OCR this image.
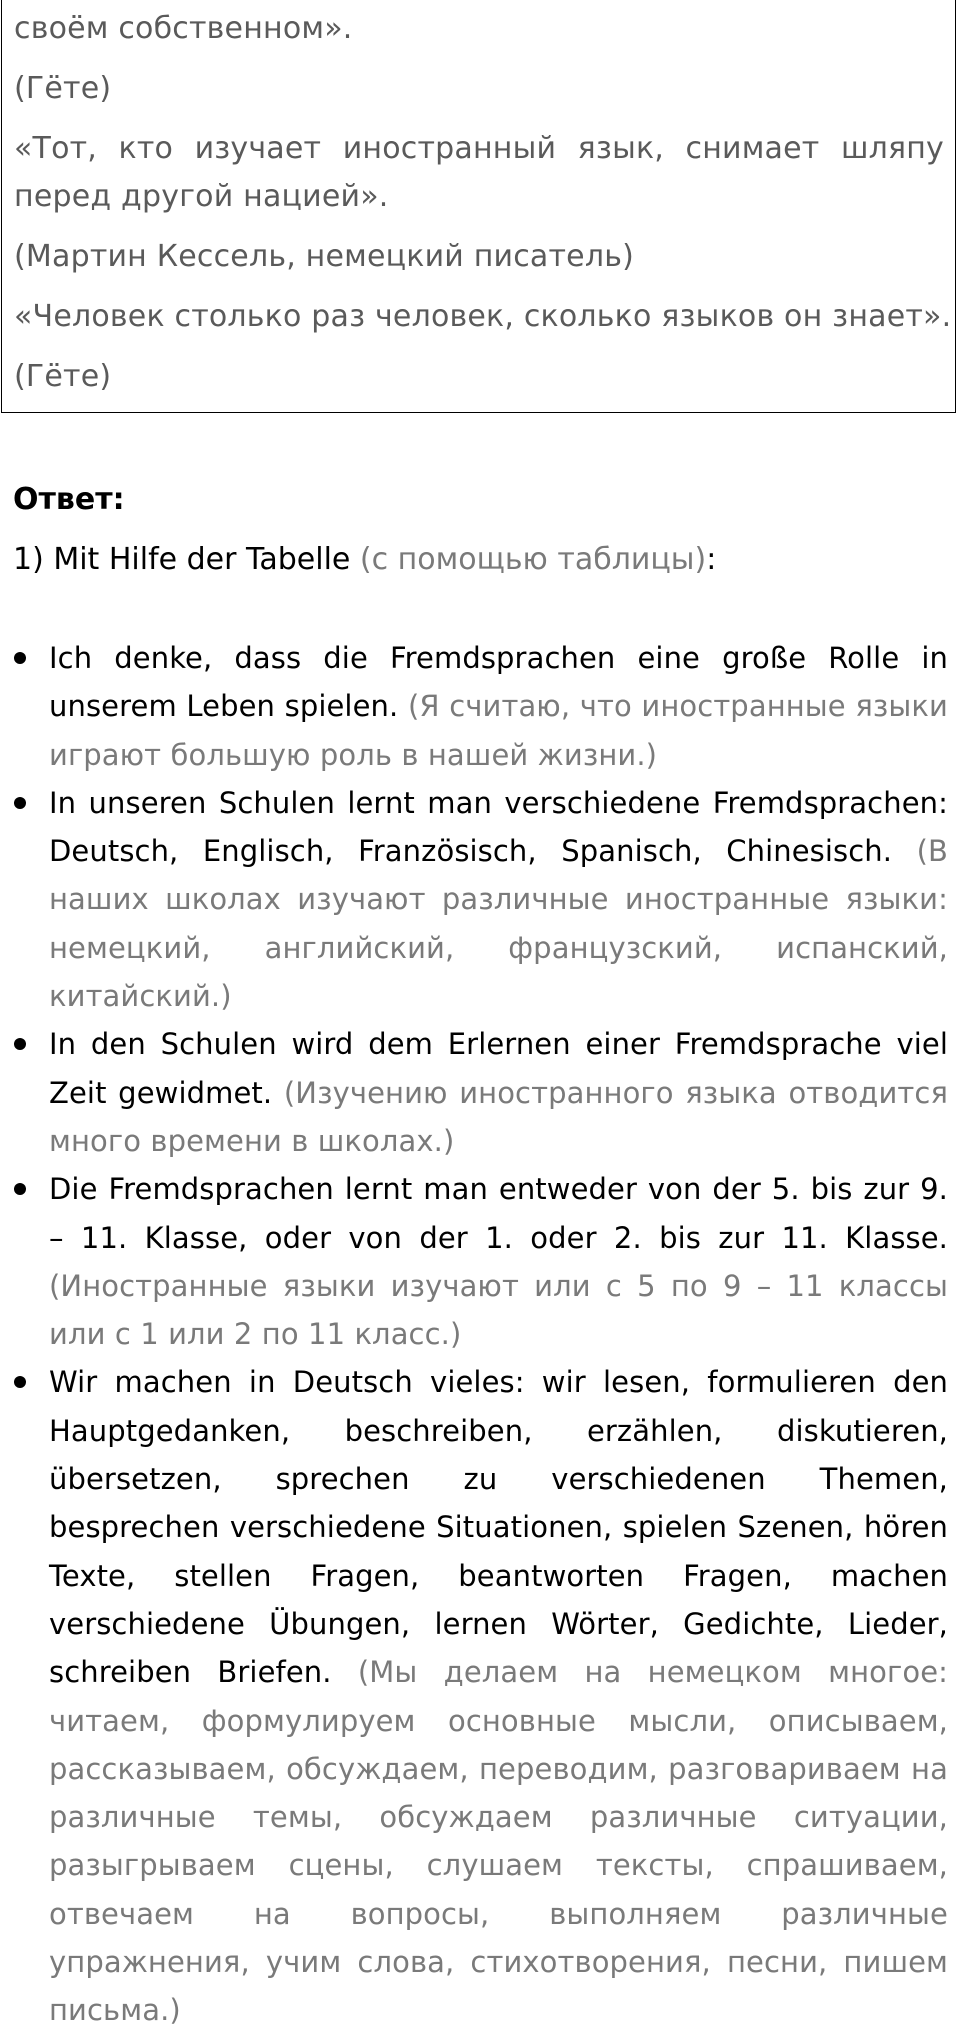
своём собственном».

(Гёте)

«Тот, кто изучает иностранный язык, снимает шляпу перед другой нацией».

(Мартин Кессель, немецкий писатель)

«Человек столько раз человек, сколько языков он знает».

(Гёте)

Ответ:

1) Mit Hilfe der Tabelle (с помощью таблицы):

Ich denke, dass die Fremdsprachen eine große Rolle in unserem Leben spielen. (Я считаю, что иностранные языки играют большую роль в нашей жизни.)
In unseren Schulen lernt man verschiedene Fremdsprachen: Deutsch, Englisch, Französisch, Spanisch, Chinesisch. (В наших школах изучают различные иностранные языки: немецкий, английский, французский, испанский, китайский.)
In den Schulen wird dem Erlernen einer Fremdsprache viel Zeit gewidmet. (Изучению иностранного языка отводится много времени в школах.)
Die Fremdsprachen lernt man entweder von der 5. bis zur 9. – 11. Klasse, oder von der 1. oder 2. bis zur 11. Klasse. (Иностранные языки изучают или с 5 по 9 – 11 классы или с 1 или 2 по 11 класс.)
Wir machen in Deutsch vieles: wir lesen, formulieren den Hauptgedanken, beschreiben, erzählen, diskutieren, übersetzen, sprechen zu verschiedenen Themen, besprechen verschiedene Situationen, spielen Szenen, hören Texte, stellen Fragen, beantworten Fragen, machen verschiedene Übungen, lernen Wörter, Gedichte, Lieder, schreiben Briefen. (Мы делаем на немецком многое: читаем, формулируем основные мысли, описываем, рассказываем, обсуждаем, переводим, разговариваем на различные темы, обсуждаем различные ситуации, разыгрываем сцены, слушаем тексты, спрашиваем, отвечаем на вопросы, выполняем различные упражнения, учим слова, стихотворения, песни, пишем письма.)
